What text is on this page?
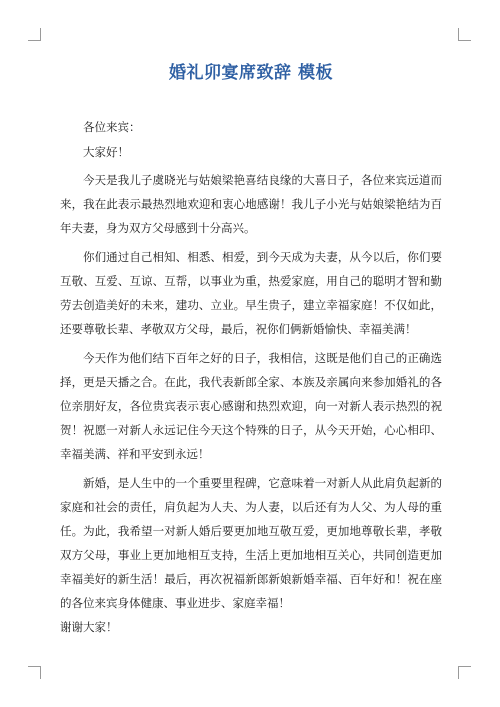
婚礼卯宴席致辞 模板

各位来宾：

大家好！

今天是我儿子虞晓光与姑娘梁艳喜结良缘的大喜日子，各位来宾远道而来，我在此表示最热烈地欢迎和衷心地感谢！我儿子小光与姑娘梁艳结为百年夫妻，身为双方父母感到十分高兴。

你们通过自己相知、相悉、相爱，到今天成为夫妻，从今以后，你们要互敬、互爱、互谅、互帮，以事业为重，热爱家庭，用自己的聪明才智和勤劳去创造美好的未来，建功、立业。早生贵子，建立幸福家庭！不仅如此，还要尊敬长辈、孝敬双方父母，最后，祝你们俩新婚愉快、幸福美满！

今天作为他们结下百年之好的日子，我相信，这既是他们自己的正确选择，更是天播之合。在此，我代表新郎全家、本族及亲属向来参加婚礼的各位亲朋好友，各位贵宾表示衷心感谢和热烈欢迎，向一对新人表示热烈的祝贺！祝愿一对新人永远记住今天这个特殊的日子，从今天开始，心心相印、幸福美满、祥和平安到永远！

新婚，是人生中的一个重要里程碑，它意味着一对新人从此肩负起新的家庭和社会的责任，肩负起为人夫、为人妻，以后还有为人父、为人母的重任。为此，我希望一对新人婚后要更加地互敬互爱，更加地尊敬长辈，孝敬双方父母，事业上更加地相互支持，生活上更加地相互关心，共同创造更加幸福美好的新生活！最后，再次祝福新郎新娘新婚幸福、百年好和！祝在座的各位来宾身体健康、事业进步、家庭幸福！

谢谢大家！
